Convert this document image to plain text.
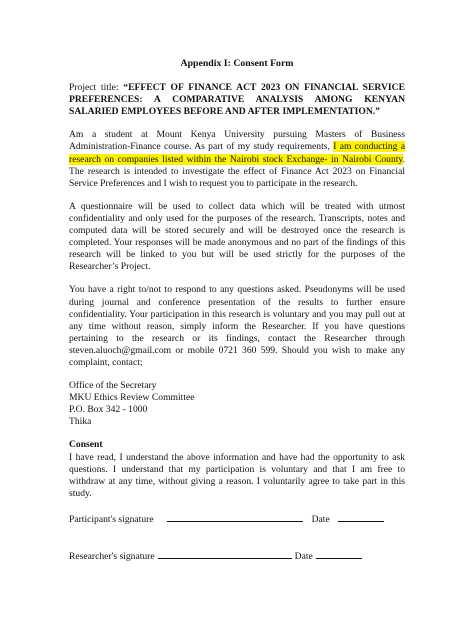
Appendix I: Consent Form

Project title: “EFFECT OF FINANCE ACT 2023 ON FINANCIAL SERVICE PREFERENCES: A COMPARATIVE ANALYSIS AMONG KENYAN SALARIED EMPLOYEES BEFORE AND AFTER IMPLEMENTATION.”

Am a student at Mount Kenya University pursuing Masters of Business Administration-Finance course. As part of my study requirements, I am conducting a research on companies listed within the Nairobi stock Exchange- in Nairobi County. The research is intended to investigate the effect of Finance Act 2023 on Financial Service Preferences and I wish to request you to participate in the research.

A questionnaire will be used to collect data which will be treated with utmost confidentiality and only used for the purposes of the research. Transcripts, notes and computed data will be stored securely and will be destroyed once the research is completed. Your responses will be made anonymous and no part of the findings of this research will be linked to you but will be used strictly for the purposes of the Researcher’s Project.

You have a right to/not to respond to any questions asked. Pseudonyms will be used during journal and conference presentation of the results to further ensure confidentiality. Your participation in this research is voluntary and you may pull out at any time without reason, simply inform the Researcher. If you have questions pertaining to the research or its findings, contact the Researcher through steven.aluoch@gmail.com or mobile 0721 360 599. Should you wish to make any complaint, contact;

Office of the Secretary
MKU Ethics Review Committee
P.O. Box 342 - 1000
Thika
Consent

I have read, I understand the above information and have had the opportunity to ask questions. I understand that my participation is voluntary and that I am free to withdraw at any time, without giving a reason. I voluntarily agree to take part in this study.

Participant's signature	Date
Researcher's signature	Date
